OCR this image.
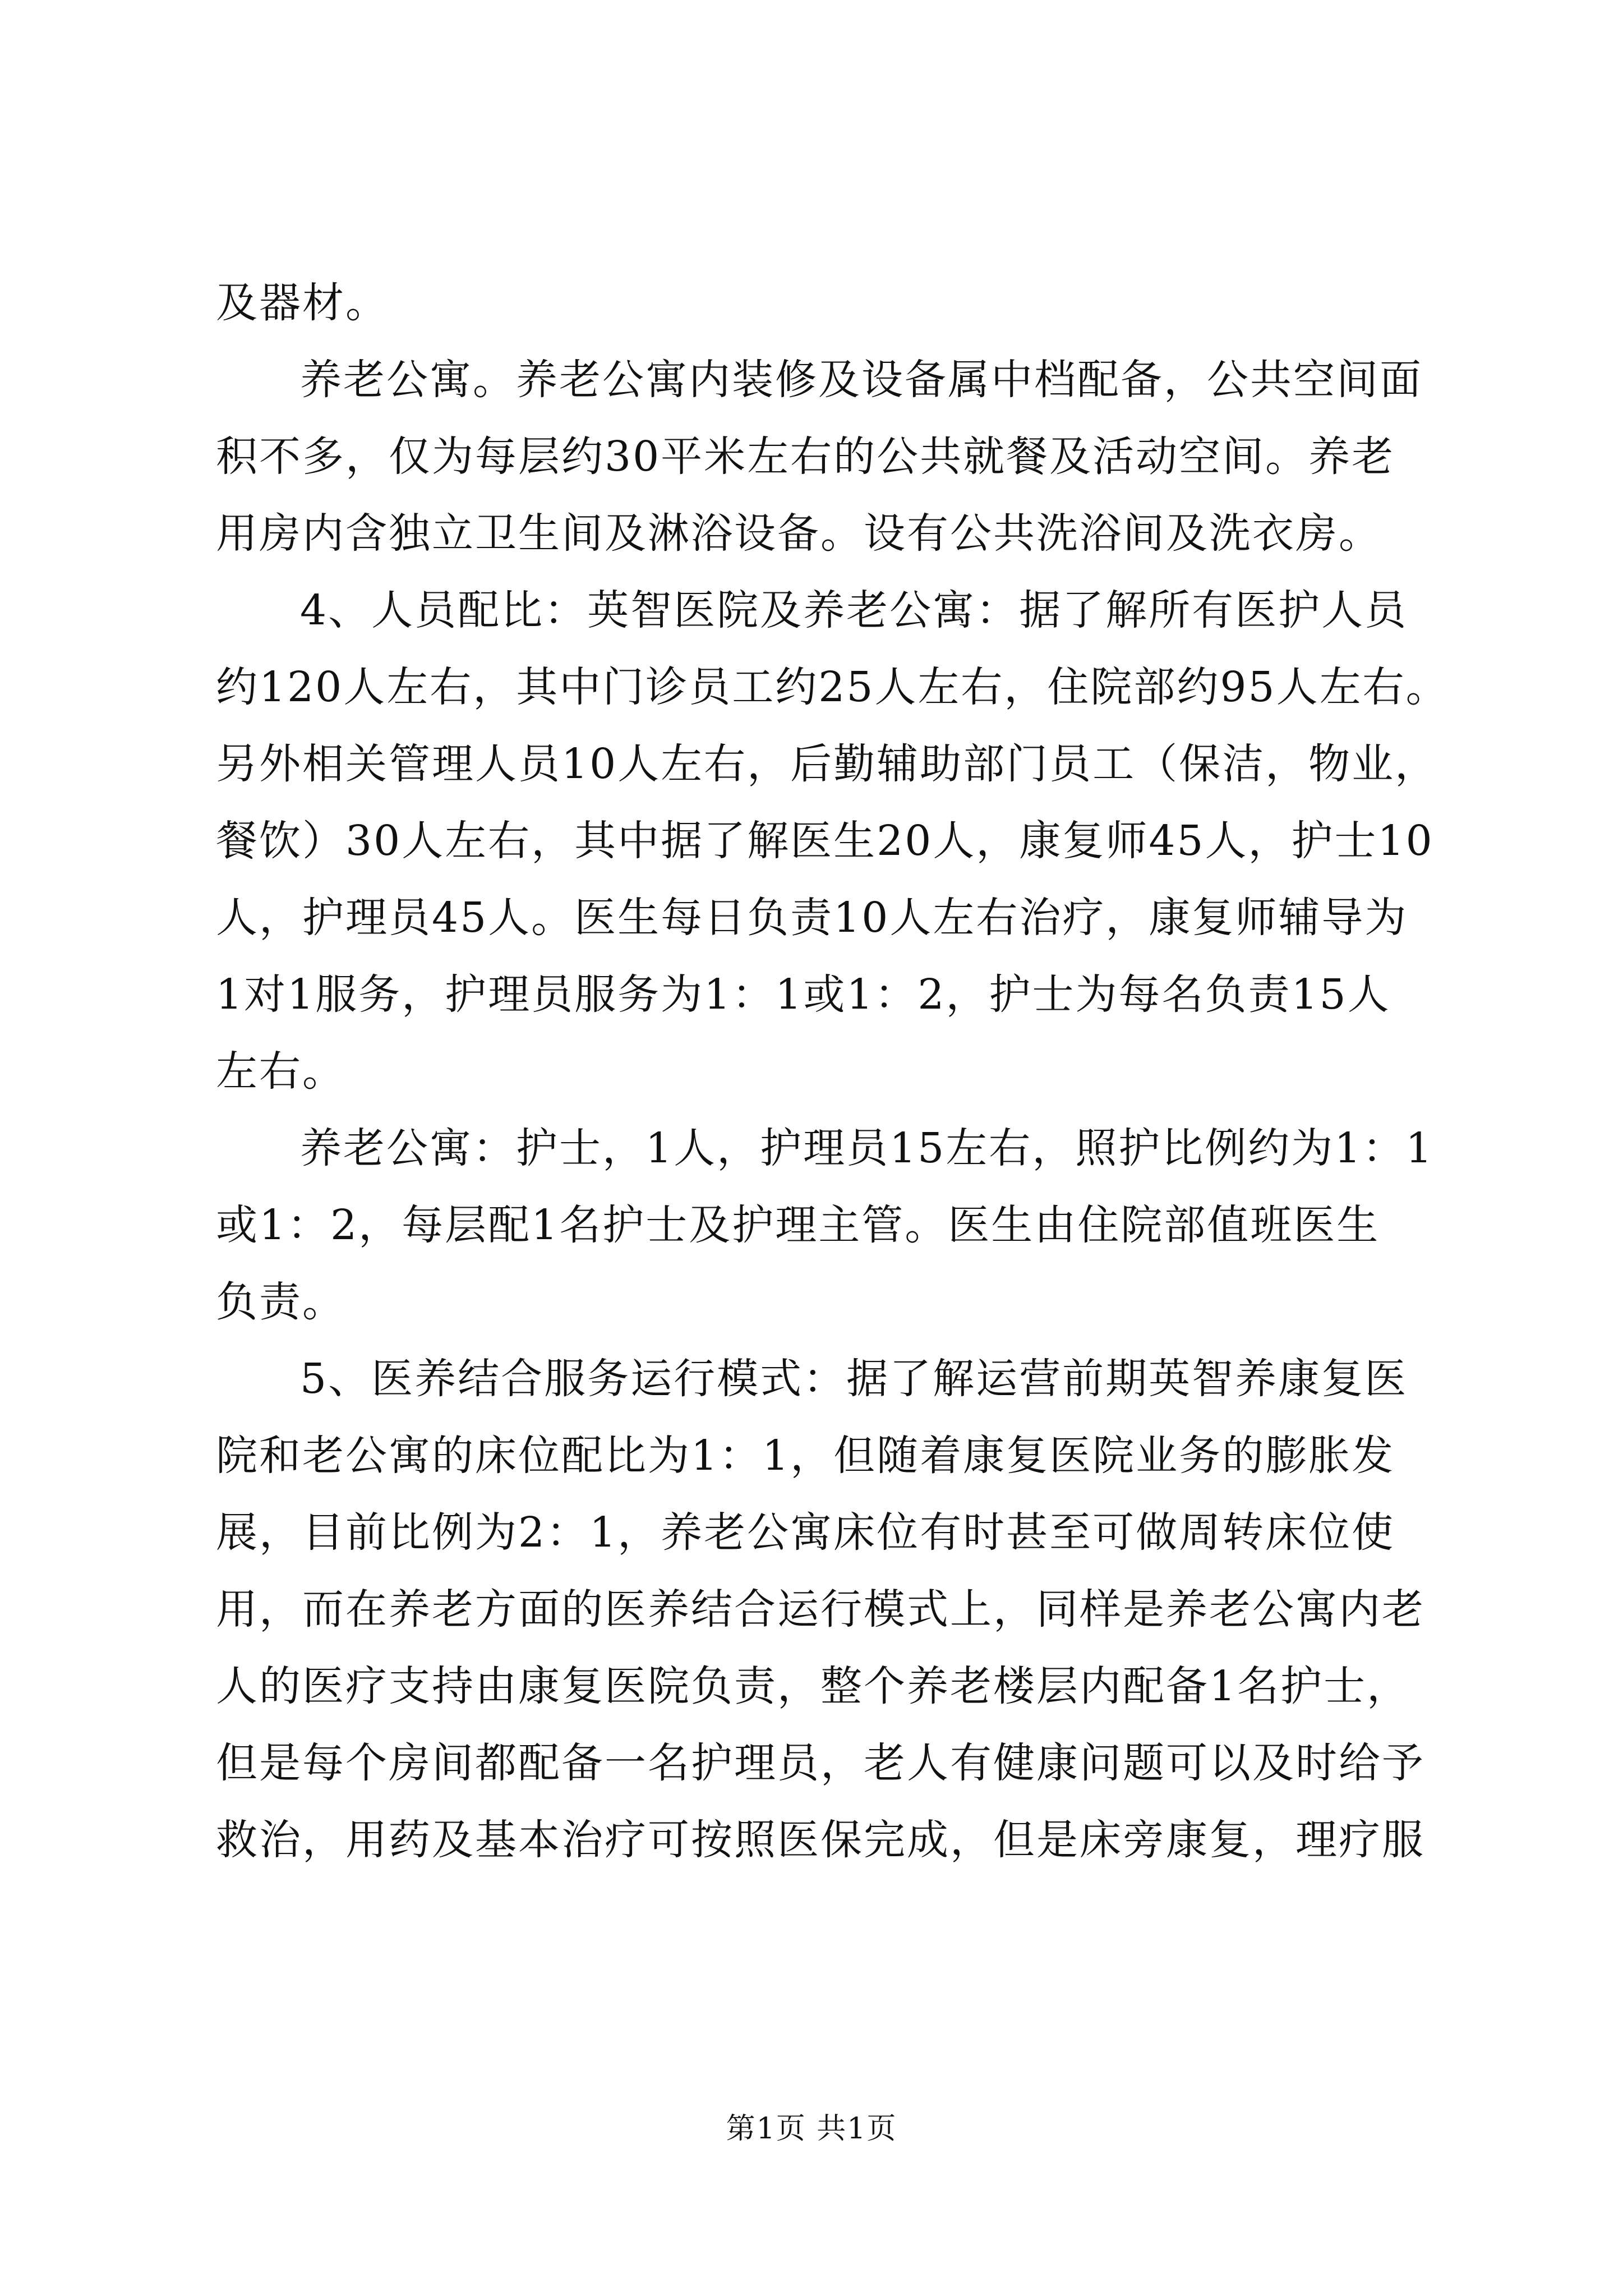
及器材。
养老公寓。养老公寓内装修及设备属中档配备，公共空间面
积不多，仅为每层约30平米左右的公共就餐及活动空间。养老
用房内含独立卫生间及淋浴设备。设有公共洗浴间及洗衣房。
4、人员配比：英智医院及养老公寓：据了解所有医护人员
约120人左右，其中门诊员工约25人左右，住院部约95人左右。
另外相关管理人员10人左右，后勤辅助部门员工（保洁，物业，
餐饮）30人左右，其中据了解医生20人，康复师45人，护士10
人，护理员45人。医生每日负责10人左右治疗，康复师辅导为
1对1服务，护理员服务为1：1或1：2，护士为每名负责15人
左右。
养老公寓：护士，1人，护理员15左右，照护比例约为1：1
或1：2，每层配1名护士及护理主管。医生由住院部值班医生
负责。
5、医养结合服务运行模式：据了解运营前期英智养康复医
院和老公寓的床位配比为1：1，但随着康复医院业务的膨胀发
展，目前比例为2：1，养老公寓床位有时甚至可做周转床位使
用，而在养老方面的医养结合运行模式上，同样是养老公寓内老
人的医疗支持由康复医院负责，整个养老楼层内配备1名护士，
但是每个房间都配备一名护理员，老人有健康问题可以及时给予
救治，用药及基本治疗可按照医保完成，但是床旁康复，理疗服
第1页 共1页
